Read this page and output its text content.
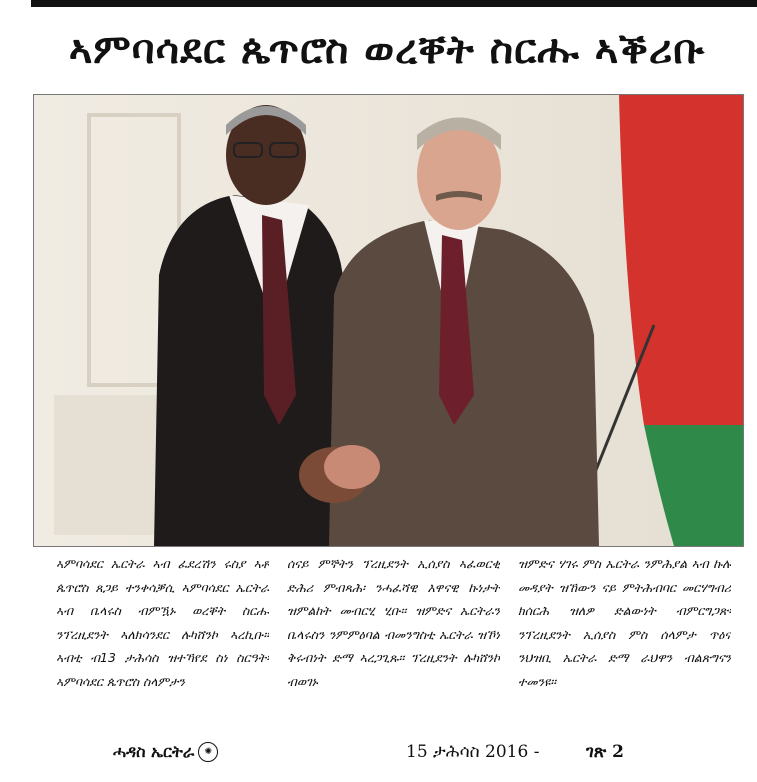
ኣምባሳደር ጴጥሮስ ወረቐት ስርሑ ኣቕሪቡ

ኣምባሳደር ኤርትራ ኣብ ፈደረሽን ሩስያ ኣቶ ጴጥሮስ ጸጋይ ተንቀሳቓሲ ኣምባሳደር ኤርትራ ኣብ ቤላሩስ ብምዃኑ ወረቐት ስርሑ ንፕረዚደንት ኣለክሳንደር ሉካሸንኮ ኣረኪቡ። ኣብቲ ብ13 ታሕሳስ ዝተኻየደ ስነ ስርዓት፡ ኣምባሳደር ጴጥሮስ ስላምታን

ሰናይ ምኞትን ፕረዚደንት ኢሰያስ ኣፈወርቂ ድሕሪ ምብጻሕ፡ ንሓፈሻዊ እዋናዊ ኩነታት ዝምልከት መብርሂ ሂቡ። ዝምድና ኤርትራን ቤላሩስን ንምምዕባል ብመንግስቲ ኤርትራ ዝኾነ ቅሩብነት ድማ ኣረጋጊጹ። ፕረዚደንት ሉካሸንኮ ብወገኑ

ዝምድና ሃገሩ ምስ ኤርትራ ንምሕያል ኣብ ኩሉ መዳያት ዝኸውን ናይ ምትሕብባር መርሃግብሪ ክሰርሕ ዝለዎ ድልውነት ብምርግጋጽ፡ ንፕረዚደንት ኢሰያስ ምስ ሰላምታ ጥዕና ንህዝቢ ኤርትራ ድማ ራህዋን ብልጽግናን ተመንዩ።

ሓዳስ ኤርትራ	✺	15 ታሕሳስ 2016 -	ገጽ 2
